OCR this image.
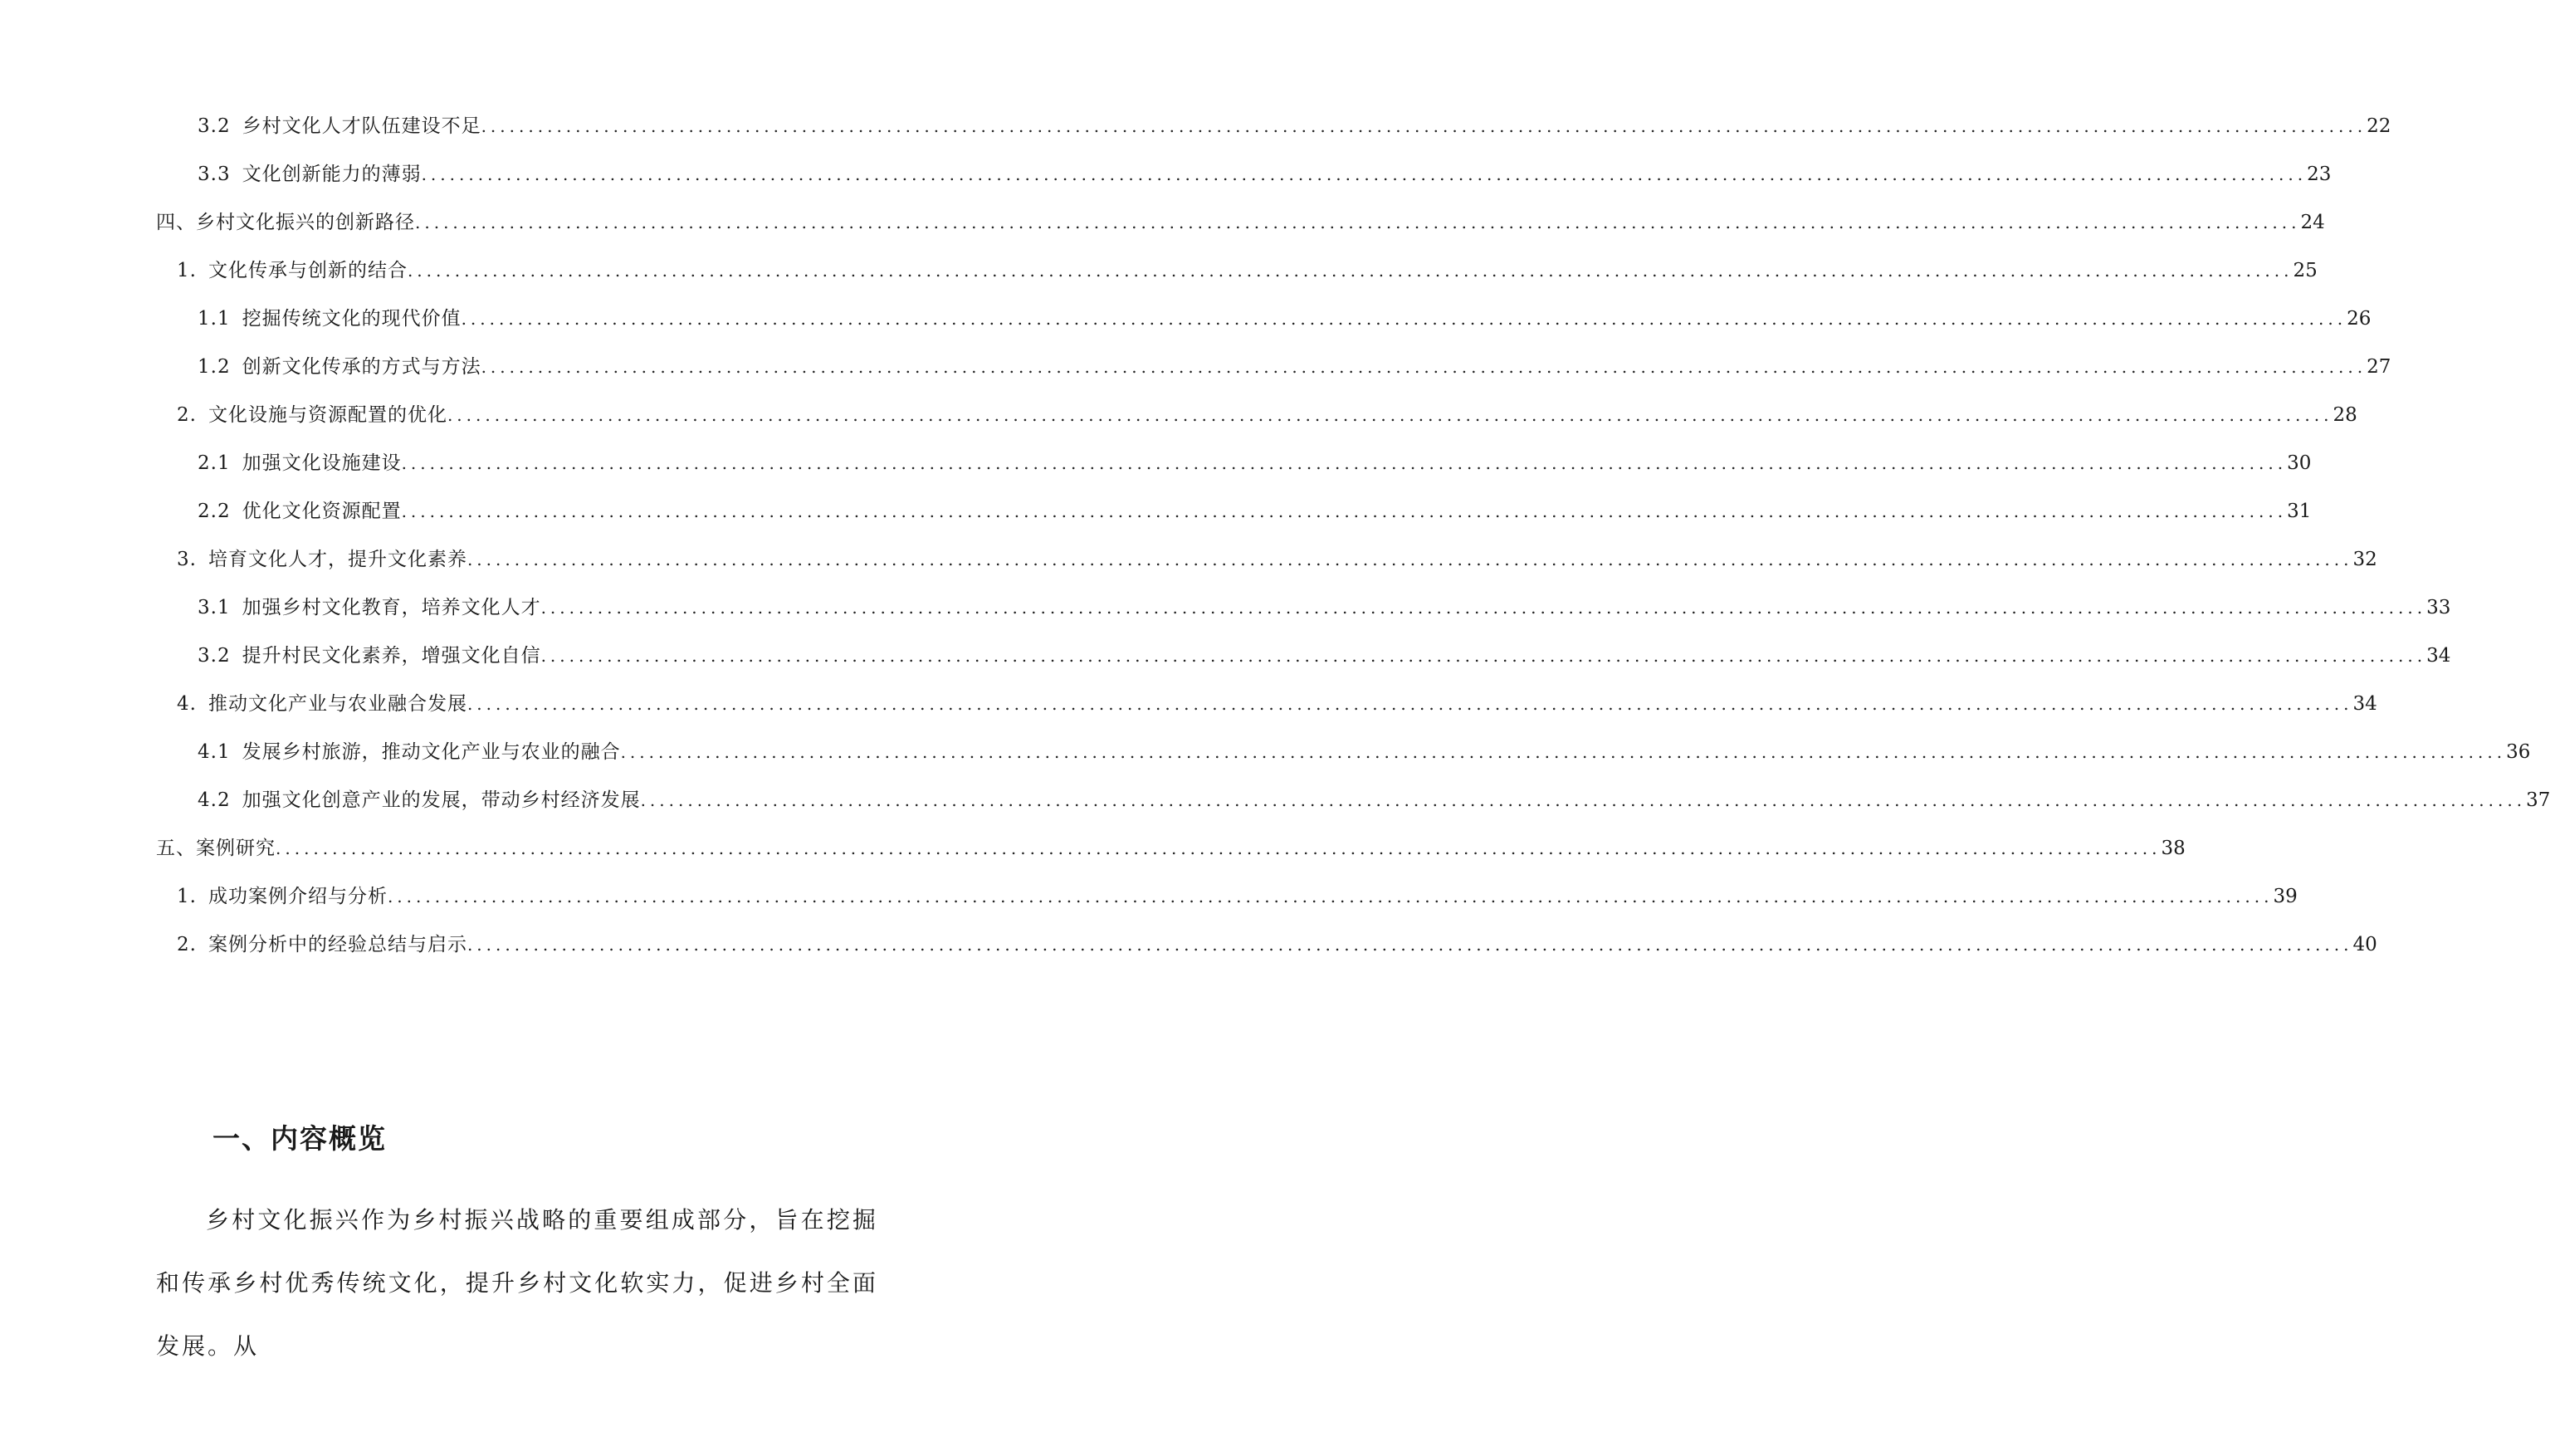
3.2 乡村文化人才队伍建设不足 ........................................................................................................................................................................................................ 22
3.3 文化创新能力的薄弱 ........................................................................................................................................................................................................ 23
四、乡村文化振兴的创新路径 ........................................................................................................................................................................................................ 24
1. 文化传承与创新的结合 ........................................................................................................................................................................................................ 25
1.1 挖掘传统文化的现代价值 ........................................................................................................................................................................................................ 26
1.2 创新文化传承的方式与方法 ........................................................................................................................................................................................................ 27
2. 文化设施与资源配置的优化 ........................................................................................................................................................................................................ 28
2.1 加强文化设施建设 ........................................................................................................................................................................................................ 30
2.2 优化文化资源配置 ........................................................................................................................................................................................................ 31
3. 培育文化人才，提升文化素养 ........................................................................................................................................................................................................ 32
3.1 加强乡村文化教育，培养文化人才 ........................................................................................................................................................................................................ 33
3.2 提升村民文化素养，增强文化自信 ........................................................................................................................................................................................................ 34
4. 推动文化产业与农业融合发展 ........................................................................................................................................................................................................ 34
4.1 发展乡村旅游，推动文化产业与农业的融合 ........................................................................................................................................................................................................ 36
4.2 加强文化创意产业的发展，带动乡村经济发展 ........................................................................................................................................................................................................ 37
五、案例研究 ........................................................................................................................................................................................................ 38
1. 成功案例介绍与分析 ........................................................................................................................................................................................................ 39
2. 案例分析中的经验总结与启示 ........................................................................................................................................................................................................ 40
一、内容概览
乡村文化振兴作为乡村振兴战略的重要组成部分，旨在挖掘和传承乡村优秀传统文化，提升乡村文化软实力，促进乡村全面发展。从
